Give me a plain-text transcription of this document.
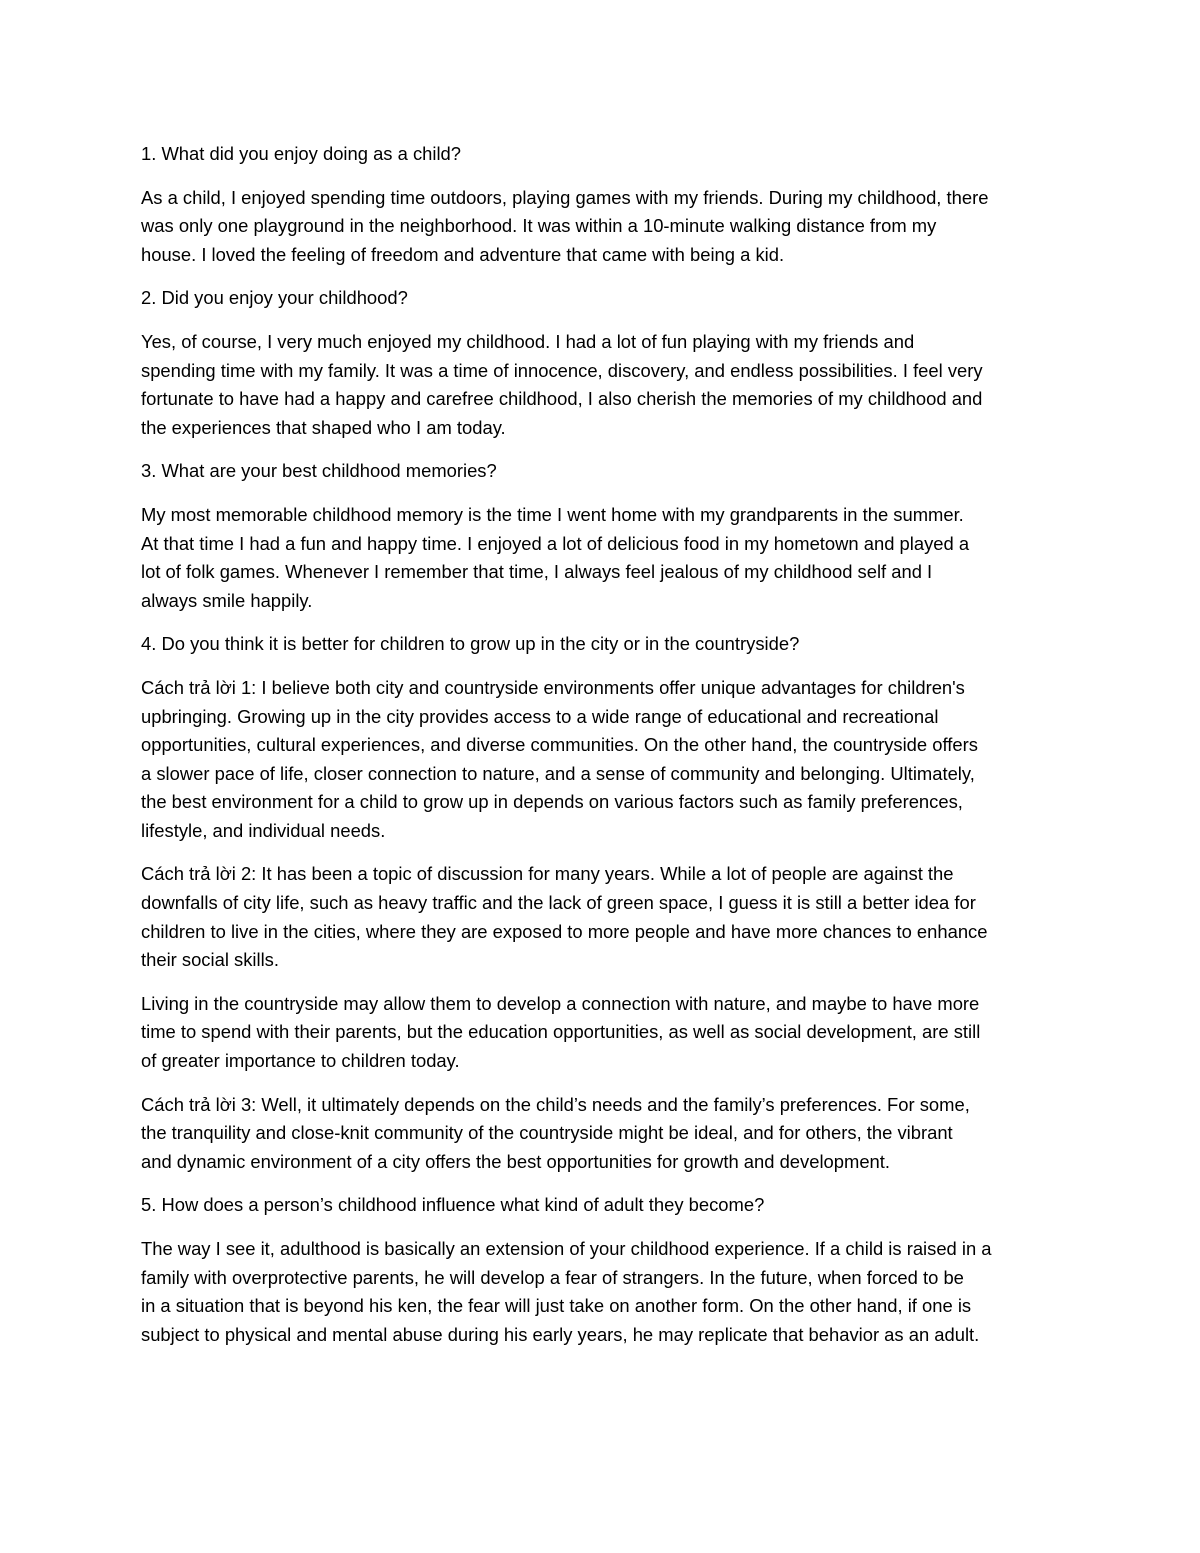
1. What did you enjoy doing as a child?
As a child, I enjoyed spending time outdoors, playing games with my friends. During my childhood, there
was only one playground in the neighborhood. It was within a 10-minute walking distance from my
house. I loved the feeling of freedom and adventure that came with being a kid.
2. Did you enjoy your childhood?
Yes, of course, I very much enjoyed my childhood. I had a lot of fun playing with my friends and
spending time with my family. It was a time of innocence, discovery, and endless possibilities. I feel very
fortunate to have had a happy and carefree childhood, I also cherish the memories of my childhood and
the experiences that shaped who I am today.
3. What are your best childhood memories?
My most memorable childhood memory is the time I went home with my grandparents in the summer.
At that time I had a fun and happy time. I enjoyed a lot of delicious food in my hometown and played a
lot of folk games. Whenever I remember that time, I always feel jealous of my childhood self and I
always smile happily.
4. Do you think it is better for children to grow up in the city or in the countryside?
Cách trả lời 1: I believe both city and countryside environments offer unique advantages for children's
upbringing. Growing up in the city provides access to a wide range of educational and recreational
opportunities, cultural experiences, and diverse communities. On the other hand, the countryside offers
a slower pace of life, closer connection to nature, and a sense of community and belonging. Ultimately,
the best environment for a child to grow up in depends on various factors such as family preferences,
lifestyle, and individual needs.
Cách trả lời 2: It has been a topic of discussion for many years. While a lot of people are against the
downfalls of city life, such as heavy traffic and the lack of green space, I guess it is still a better idea for
children to live in the cities, where they are exposed to more people and have more chances to enhance
their social skills.
Living in the countryside may allow them to develop a connection with nature, and maybe to have more
time to spend with their parents, but the education opportunities, as well as social development, are still
of greater importance to children today.
Cách trả lời 3: Well, it ultimately depends on the child’s needs and the family’s preferences. For some,
the tranquility and close-knit community of the countryside might be ideal, and for others, the vibrant
and dynamic environment of a city offers the best opportunities for growth and development.
5. How does a person’s childhood influence what kind of adult they become?
The way I see it, adulthood is basically an extension of your childhood experience. If a child is raised in a
family with overprotective parents, he will develop a fear of strangers. In the future, when forced to be
in a situation that is beyond his ken, the fear will just take on another form. On the other hand, if one is
subject to physical and mental abuse during his early years, he may replicate that behavior as an adult.
